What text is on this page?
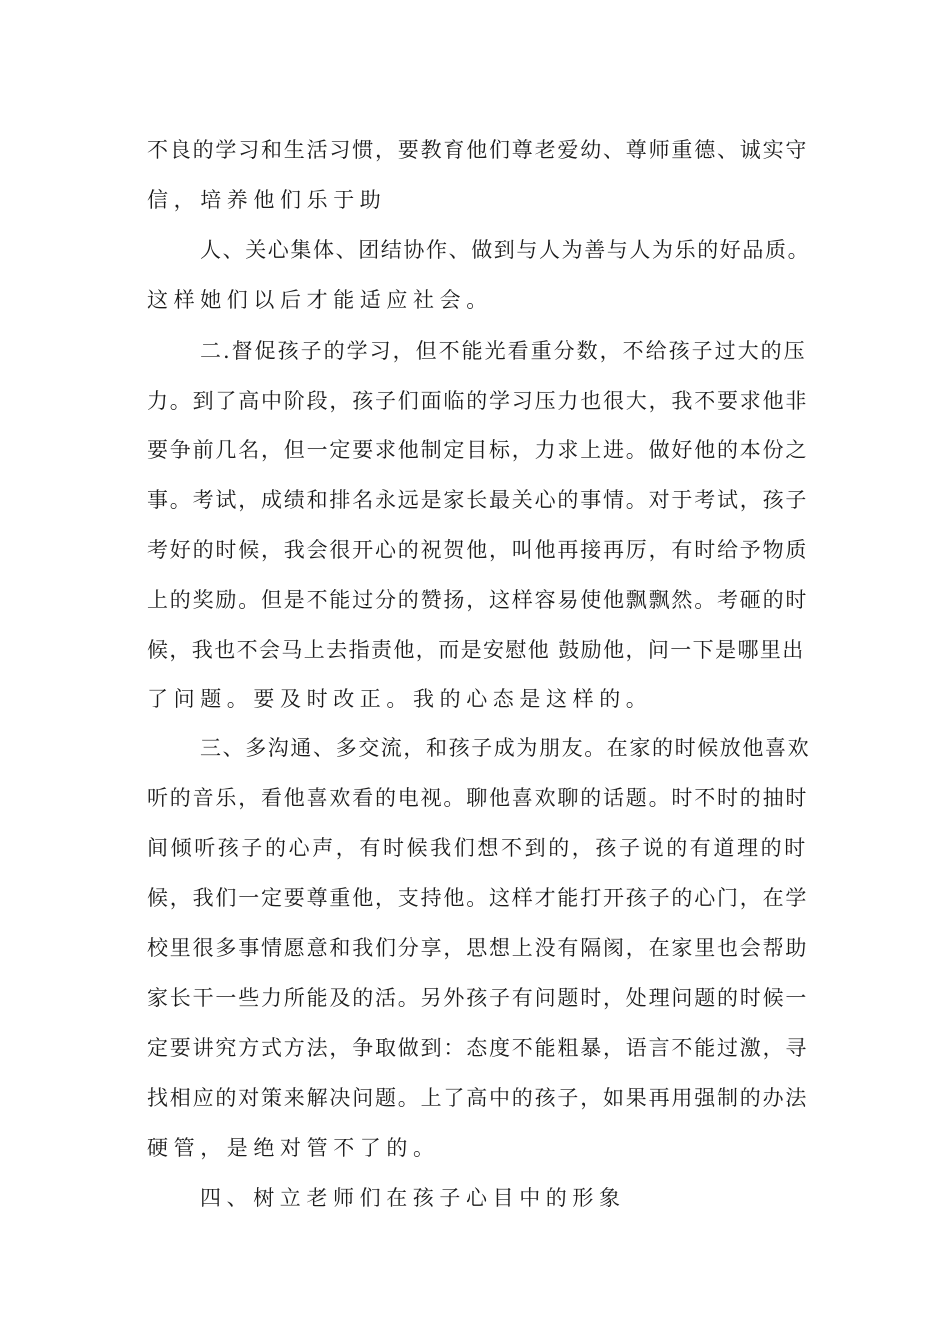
不良的学习和生活习惯，要教育他们尊老爱幼、尊师重德、诚实守
信，培养他们乐于助
人、关心集体、团结协作、做到与人为善与人为乐的好品质。
这样她们以后才能适应社会。
二.督促孩子的学习，但不能光看重分数，不给孩子过大的压
力。到了高中阶段，孩子们面临的学习压力也很大，我不要求他非
要争前几名，但一定要求他制定目标，力求上进。做好他的本份之
事。考试，成绩和排名永远是家长最关心的事情。对于考试，孩子
考好的时候，我会很开心的祝贺他，叫他再接再厉，有时给予物质
上的奖励。但是不能过分的赞扬，这样容易使他飘飘然。考砸的时
候，我也不会马上去指责他，而是安慰他 鼓励他，问一下是哪里出
了问题。要及时改正。我的心态是这样的。
三、多沟通、多交流，和孩子成为朋友。在家的时候放他喜欢
听的音乐，看他喜欢看的电视。聊他喜欢聊的话题。时不时的抽时
间倾听孩子的心声，有时候我们想不到的，孩子说的有道理的时
候，我们一定要尊重他，支持他。这样才能打开孩子的心门，在学
校里很多事情愿意和我们分享，思想上没有隔阂，在家里也会帮助
家长干一些力所能及的活。另外孩子有问题时，处理问题的时候一
定要讲究方式方法，争取做到：态度不能粗暴，语言不能过激，寻
找相应的对策来解决问题。上了高中的孩子，如果再用强制的办法
硬管，是绝对管不了的。
四、树立老师们在孩子心目中的形象
